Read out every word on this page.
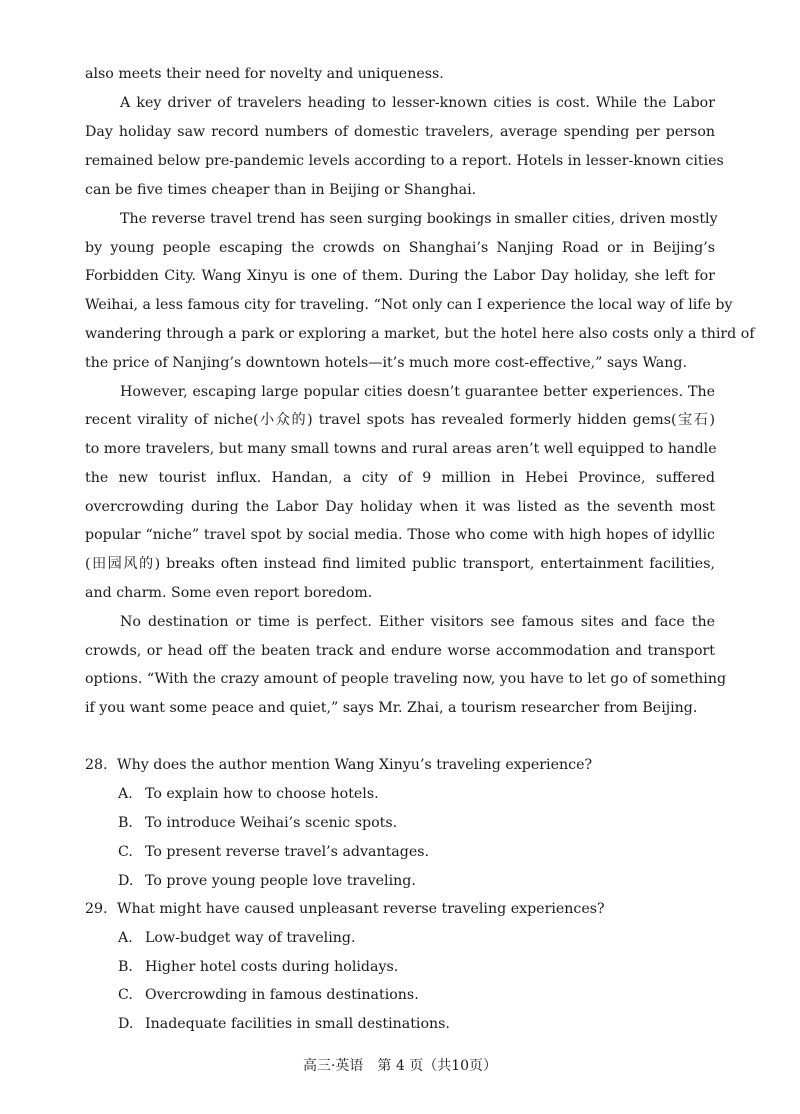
also meets their need for novelty and uniqueness.
A key driver of travelers heading to lesser-known cities is cost. While the Labor
Day holiday saw record numbers of domestic travelers, average spending per person
remained below pre-pandemic levels according to a report. Hotels in lesser-known cities
can be five times cheaper than in Beijing or Shanghai.
The reverse travel trend has seen surging bookings in smaller cities, driven mostly
by young people escaping the crowds on Shanghai’s Nanjing Road or in Beijing’s
Forbidden City. Wang Xinyu is one of them. During the Labor Day holiday, she left for
Weihai, a less famous city for traveling. “Not only can I experience the local way of life by
wandering through a park or exploring a market, but the hotel here also costs only a third of
the price of Nanjing’s downtown hotels—it’s much more cost-effective,” says Wang.
However, escaping large popular cities doesn’t guarantee better experiences. The
recent virality of niche(小众的) travel spots has revealed formerly hidden gems(宝石)
to more travelers, but many small towns and rural areas aren’t well equipped to handle
the new tourist influx. Handan, a city of 9 million in Hebei Province, suffered
overcrowding during the Labor Day holiday when it was listed as the seventh most
popular “niche” travel spot by social media. Those who come with high hopes of idyllic
(田园风的) breaks often instead find limited public transport, entertainment facilities,
and charm. Some even report boredom.
No destination or time is perfect. Either visitors see famous sites and face the
crowds, or head off the beaten track and endure worse accommodation and transport
options. “With the crazy amount of people traveling now, you have to let go of something
if you want some peace and quiet,” says Mr. Zhai, a tourism researcher from Beijing.
28. Why does the author mention Wang Xinyu’s traveling experience?
A. To explain how to choose hotels.
B. To introduce Weihai’s scenic spots.
C. To present reverse travel’s advantages.
D. To prove young people love traveling.
29. What might have caused unpleasant reverse traveling experiences?
A. Low-budget way of traveling.
B. Higher hotel costs during holidays.
C. Overcrowding in famous destinations.
D. Inadequate facilities in small destinations.
高三·英语　第 4 页（共10页）
